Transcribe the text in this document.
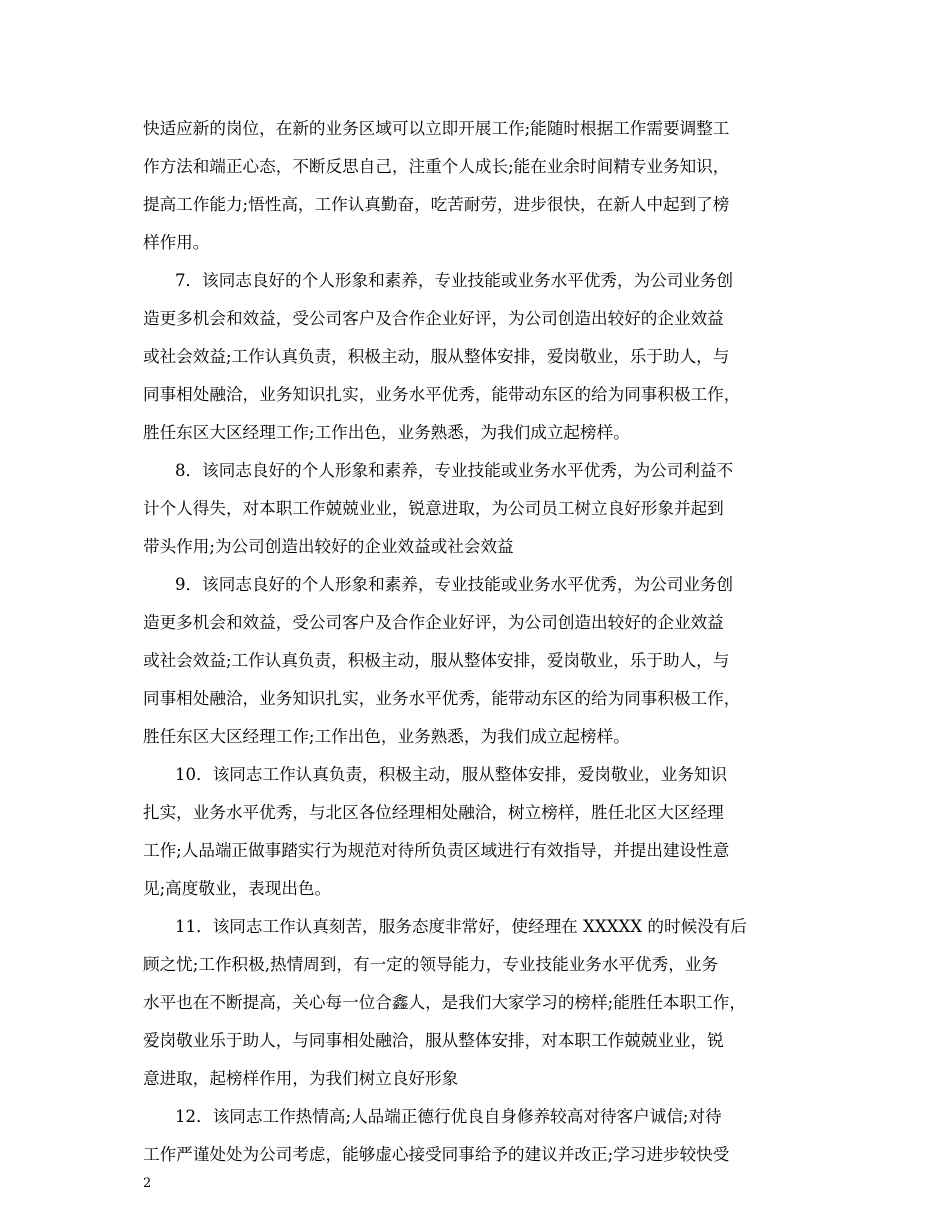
快适应新的岗位，在新的业务区域可以立即开展工作;能随时根据工作需要调整工
作方法和端正心态，不断反思自己，注重个人成长;能在业余时间精专业务知识，
提高工作能力;悟性高，工作认真勤奋，吃苦耐劳，进步很快，在新人中起到了榜
样作用。
7．该同志良好的个人形象和素养，专业技能或业务水平优秀，为公司业务创
造更多机会和效益，受公司客户及合作企业好评，为公司创造出较好的企业效益
或社会效益;工作认真负责，积极主动，服从整体安排，爱岗敬业，乐于助人，与
同事相处融洽，业务知识扎实，业务水平优秀，能带动东区的给为同事积极工作，
胜任东区大区经理工作;工作出色，业务熟悉，为我们成立起榜样。
8．该同志良好的个人形象和素养，专业技能或业务水平优秀，为公司利益不
计个人得失，对本职工作兢兢业业，锐意进取，为公司员工树立良好形象并起到
带头作用;为公司创造出较好的企业效益或社会效益
9．该同志良好的个人形象和素养，专业技能或业务水平优秀，为公司业务创
造更多机会和效益，受公司客户及合作企业好评，为公司创造出较好的企业效益
或社会效益;工作认真负责，积极主动，服从整体安排，爱岗敬业，乐于助人，与
同事相处融洽，业务知识扎实，业务水平优秀，能带动东区的给为同事积极工作，
胜任东区大区经理工作;工作出色，业务熟悉，为我们成立起榜样。
10．该同志工作认真负责，积极主动，服从整体安排，爱岗敬业，业务知识
扎实，业务水平优秀，与北区各位经理相处融洽，树立榜样，胜任北区大区经理
工作;人品端正做事踏实行为规范对待所负责区域进行有效指导，并提出建设性意
见;高度敬业，表现出色。
11．该同志工作认真刻苦，服务态度非常好，使经理在 XXXXX 的时候没有后
顾之忧;工作积极,热情周到，有一定的领导能力，专业技能业务水平优秀，业务
水平也在不断提高，关心每一位合鑫人，是我们大家学习的榜样;能胜任本职工作，
爱岗敬业乐于助人，与同事相处融洽，服从整体安排，对本职工作兢兢业业，锐
意进取，起榜样作用，为我们树立良好形象
12．该同志工作热情高;人品端正德行优良自身修养较高对待客户诚信;对待
工作严谨处处为公司考虑，能够虚心接受同事给予的建议并改正;学习进步较快受
2
